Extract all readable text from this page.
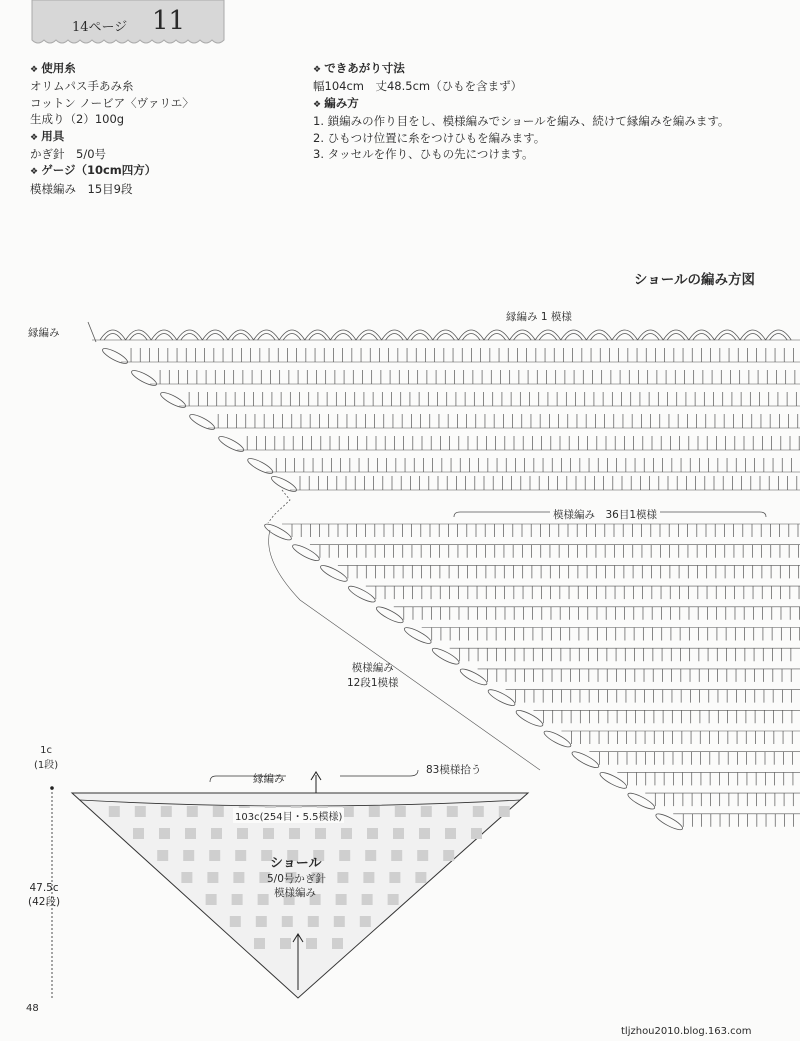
14ページ 11
❖ 使用糸
オリムパス手あみ糸
コットン ノービア〈ヴァリエ〉
生成り（2）100g
❖ 用具
かぎ針　5/0号
❖ ゲージ（10cm四方）
模様編み　15目9段
❖ できあがり寸法
幅104cm　丈48.5cm（ひもを含まず）
❖ 編み方
1. 鎖編みの作り目をし、模様編みでショールを編み、続けて縁編みを編みます。
2. ひもつけ位置に糸をつけひもを編みます。
3. タッセルを作り、ひもの先につけます。
ショールの編み方図
縁編み
縁編み 1 模様
模様編み　36目1模様
模様編み
12段1模様
1c
(1段)
縁編み
83模様拾う
103c(254目・5.5模様)
ショール
5/0号かぎ針
模様編み
47.5c
(42段)
48
tljzhou2010.blog.163.com
